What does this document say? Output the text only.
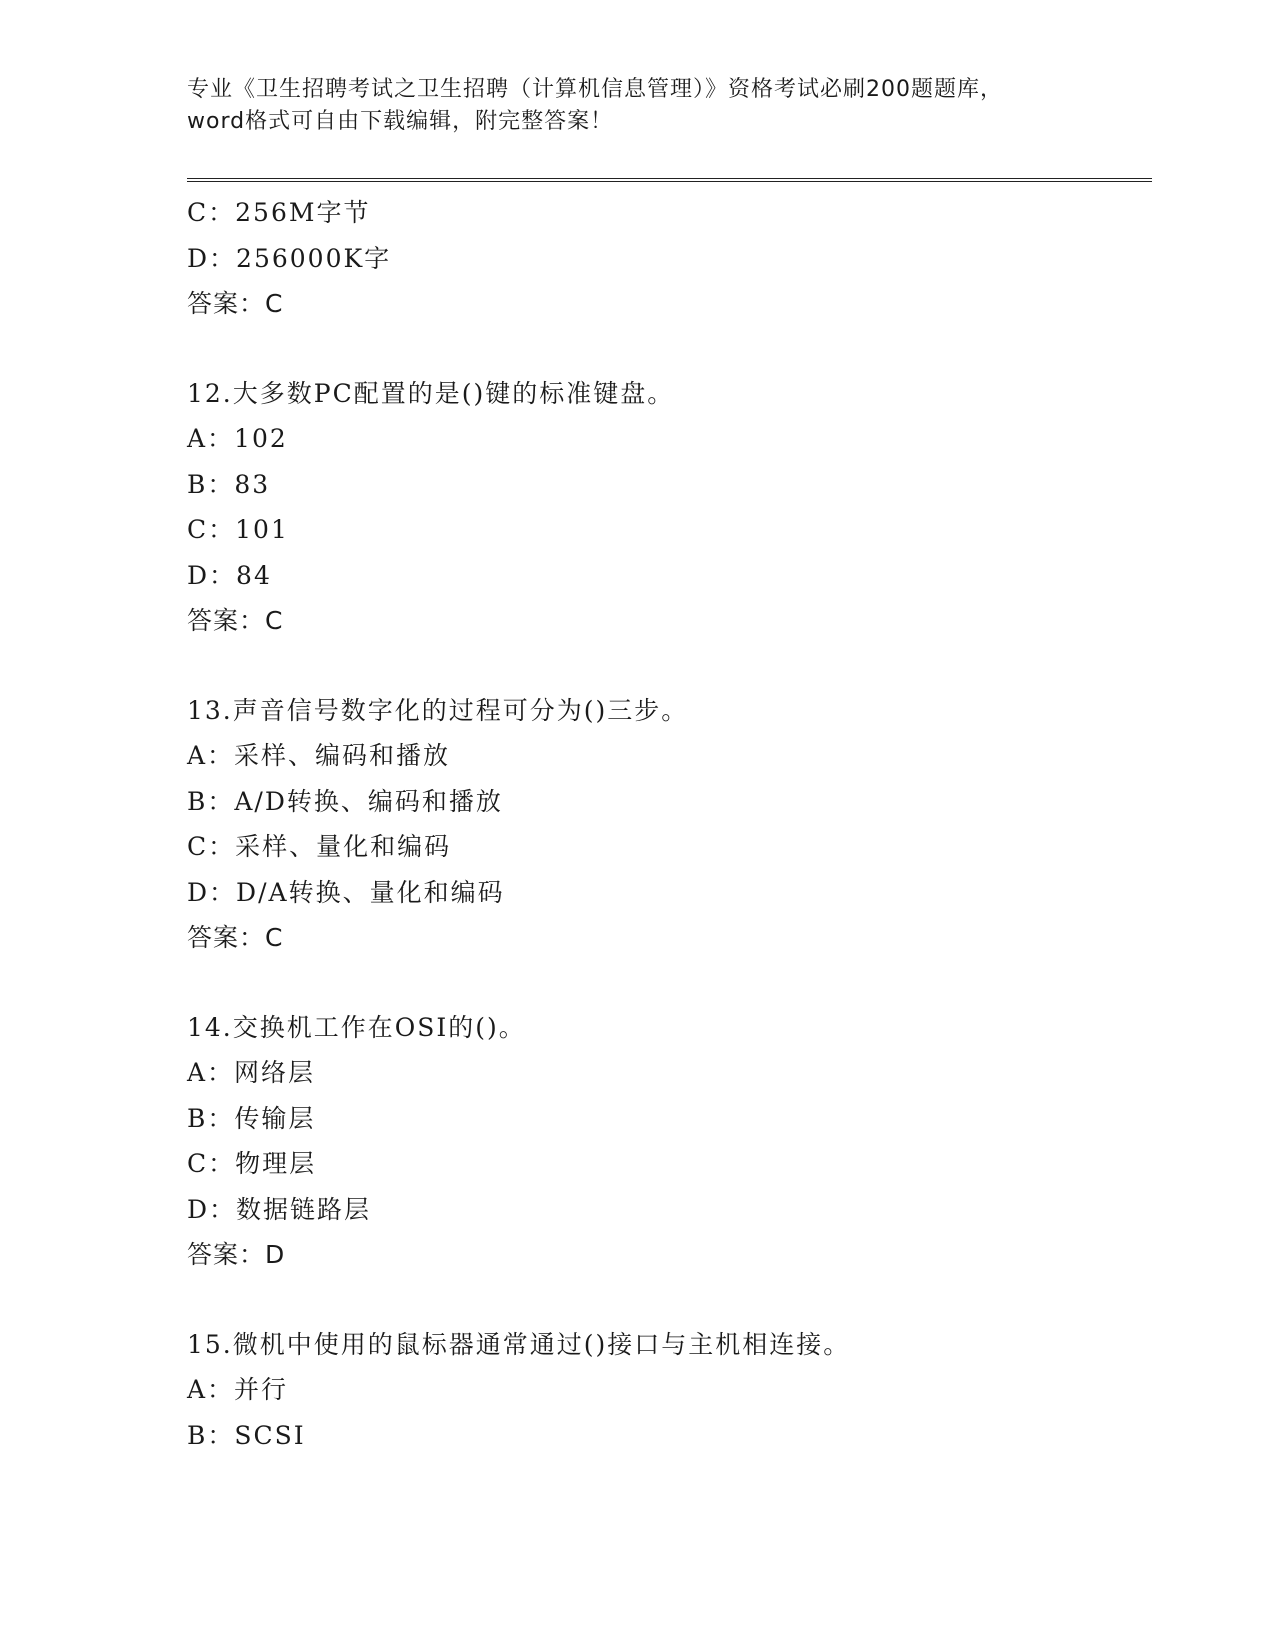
专业《卫生招聘考试之卫生招聘（计算机信息管理）》资格考试必刷200题题库，
word格式可自由下载编辑，附完整答案！
C：256M字节
D：256000K字
答案：C
12.大多数PC配置的是()键的标准键盘。
A：102
B：83
C：101
D：84
答案：C
13.声音信号数字化的过程可分为()三步。
A：采样、编码和播放
B：A/D转换、编码和播放
C：采样、量化和编码
D：D/A转换、量化和编码
答案：C
14.交换机工作在OSI的()。
A：网络层
B：传输层
C：物理层
D：数据链路层
答案：D
15.微机中使用的鼠标器通常通过()接口与主机相连接。
A：并行
B：SCSI
